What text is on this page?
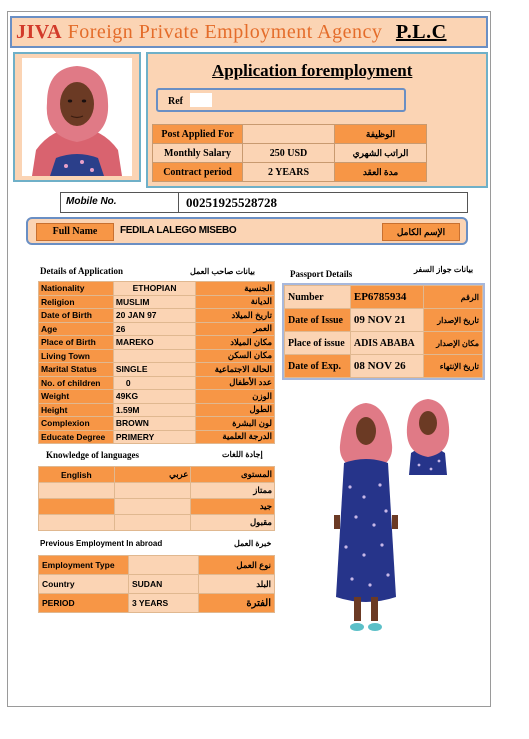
JIVA Foreign Private Employment Agency P.L.C
Application foremployment
Ref
Post Applied For		الوظيفة
Monthly Salary	250 USD	الراتب الشهري
Contract period	2 YEARS	مدة العقد
Mobile No.	00251925528728
Full Name	FEDILA LALEGO MISEBO	الإسم الكامل
Details of Application	بيانات صاحب العمل
Nationality	ETHOPIAN	الجنسية
Religion	MUSLIM	الديانة
Date of Birth	20 JAN 97	تاريخ الميلاد
Age	26	العمر
Place of Birth	MAREKO	مكان الميلاد
Living Town		مكان السكن
Marital Status	SINGLE	الحالة الاجتماعية
No. of children	0	عدد الأطفال
Weight	49KG	الوزن
Height	1.59M	الطول
Complexion	BROWN	لون البشرة
Educate Degree	PRIMERY	الدرجة العلمية
Knowledge of languages	إجادة اللغات
English	عربي	المستوى
		ممتاز
		جيد
		مقبول
Previous Employment In abroad	خبرة العمل
Employment Type		نوع العمل
Country	SUDAN	البلد
PERIOD	3 YEARS	الفترة
Passport Details	بيانات جواز السفر
Number	EP6785934	الرقم
Date of Issue	09 NOV 21	تاريخ الإصدار
Place of issue	ADIS ABABA	مكان الإصدار
Date of Exp.	08 NOV 26	تاريخ الإنتهاء
